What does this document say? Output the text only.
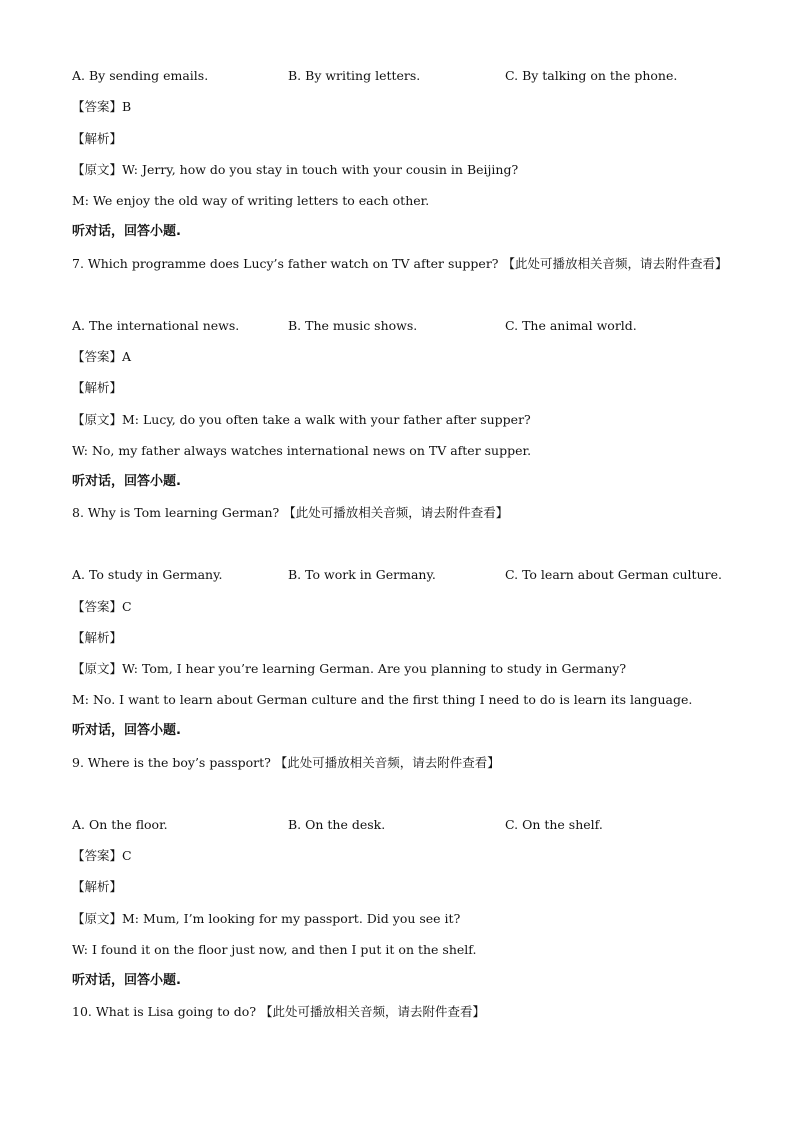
A. By sending emails.	B. By writing letters.	C. By talking on the phone.
【答案】B
【解析】
【原文】W: Jerry, how do you stay in touch with your cousin in Beijing?
M: We enjoy the old way of writing letters to each other.
听对话，回答小题.
7. Which programme does Lucy’s father watch on TV after supper? 【此处可播放相关音频，请去附件查看】
A. The international news.	B. The music shows.	C. The animal world.
【答案】A
【解析】
【原文】M: Lucy, do you often take a walk with your father after supper?
W: No, my father always watches international news on TV after supper.
听对话，回答小题.
8. Why is Tom learning German? 【此处可播放相关音频，请去附件查看】
A. To study in Germany.	B. To work in Germany.	C. To learn about German culture.
【答案】C
【解析】
【原文】W: Tom, I hear you’re learning German. Are you planning to study in Germany?
M: No. I want to learn about German culture and the first thing I need to do is learn its language.
听对话，回答小题.
9. Where is the boy’s passport? 【此处可播放相关音频，请去附件查看】
A. On the floor.	B. On the desk.	C. On the shelf.
【答案】C
【解析】
【原文】M: Mum, I’m looking for my passport. Did you see it?
W: I found it on the floor just now, and then I put it on the shelf.
听对话，回答小题.
10. What is Lisa going to do? 【此处可播放相关音频，请去附件查看】
